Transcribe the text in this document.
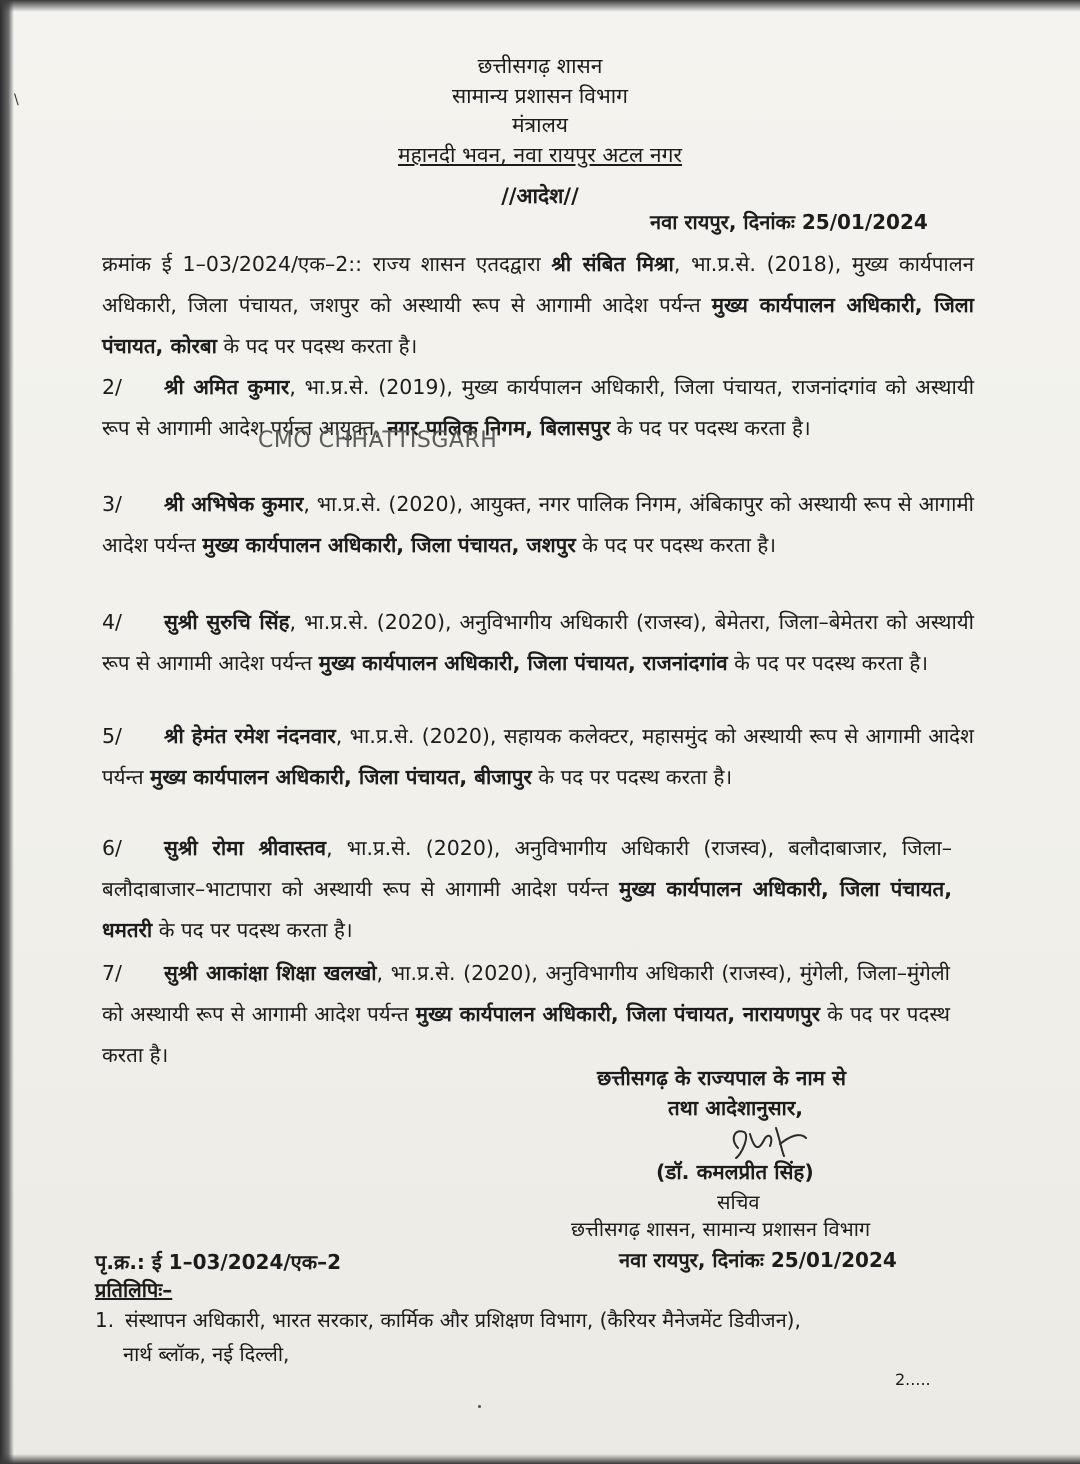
\
छत्तीसगढ़ शासन
सामान्य प्रशासन विभाग
मंत्रालय
महानदी भवन, नवा रायपुर अटल नगर
//आदेश//
नवा रायपुर, दिनांकः 25/01/2024

क्रमांक ई 1–03/2024/एक–2:: राज्य शासन एतदद्वारा श्री संबित मिश्रा, भा.प्र.से. (2018), मुख्य कार्यपालन अधिकारी, जिला पंचायत, जशपुर को अस्थायी रूप से आगामी आदेश पर्यन्त मुख्य कार्यपालन अधिकारी, जिला पंचायत, कोरबा के पद पर पदस्थ करता है।

2/ श्री अमित कुमार, भा.प्र.से. (2019), मुख्य कार्यपालन अधिकारी, जिला पंचायत, राजनांदगांव को अस्थायी रूप से आगामी आदेश पर्यन्त आयुक्त, नगर पालिक निगम, बिलासपुर के पद पर पदस्थ करता है।

CMO CHHATTISGARH

3/ श्री अभिषेक कुमार, भा.प्र.से. (2020), आयुक्त, नगर पालिक निगम, अंबिकापुर को अस्थायी रूप से आगामी आदेश पर्यन्त मुख्य कार्यपालन अधिकारी, जिला पंचायत, जशपुर के पद पर पदस्थ करता है।

4/ सुश्री सुरुचि सिंह, भा.प्र.से. (2020), अनुविभागीय अधिकारी (राजस्व), बेमेतरा, जिला–बेमेतरा को अस्थायी रूप से आगामी आदेश पर्यन्त मुख्य कार्यपालन अधिकारी, जिला पंचायत, राजनांदगांव के पद पर पदस्थ करता है।

5/ श्री हेमंत रमेश नंदनवार, भा.प्र.से. (2020), सहायक कलेक्टर, महासमुंद को अस्थायी रूप से आगामी आदेश पर्यन्त मुख्य कार्यपालन अधिकारी, जिला पंचायत, बीजापुर के पद पर पदस्थ करता है।

6/ सुश्री रोमा श्रीवास्तव, भा.प्र.से. (2020), अनुविभागीय अधिकारी (राजस्व), बलौदाबाजार, जिला–बलौदाबाजार–भाटापारा को अस्थायी रूप से आगामी आदेश पर्यन्त मुख्य कार्यपालन अधिकारी, जिला पंचायत, धमतरी के पद पर पदस्थ करता है।

7/ सुश्री आकांक्षा शिक्षा खलखो, भा.प्र.से. (2020), अनुविभागीय अधिकारी (राजस्व), मुंगेली, जिला–मुंगेली को अस्थायी रूप से आगामी आदेश पर्यन्त मुख्य कार्यपालन अधिकारी, जिला पंचायत, नारायणपुर के पद पर पदस्थ करता है।

छत्तीसगढ़ के राज्यपाल के नाम से
तथा आदेशानुसार,
(डॉ. कमलप्रीत सिंह)
सचिव
छत्तीसगढ़ शासन, सामान्य प्रशासन विभाग
नवा रायपुर, दिनांकः 25/01/2024
पृ.क्र.: ई 1–03/2024/एक–2
प्रतिलिपिः–
1. संस्थापन अधिकारी, भारत सरकार, कार्मिक और प्रशिक्षण विभाग, (कैरियर मैनेजमेंट डिवीजन),
नार्थ ब्लॉक, नई दिल्ली,
2.....
